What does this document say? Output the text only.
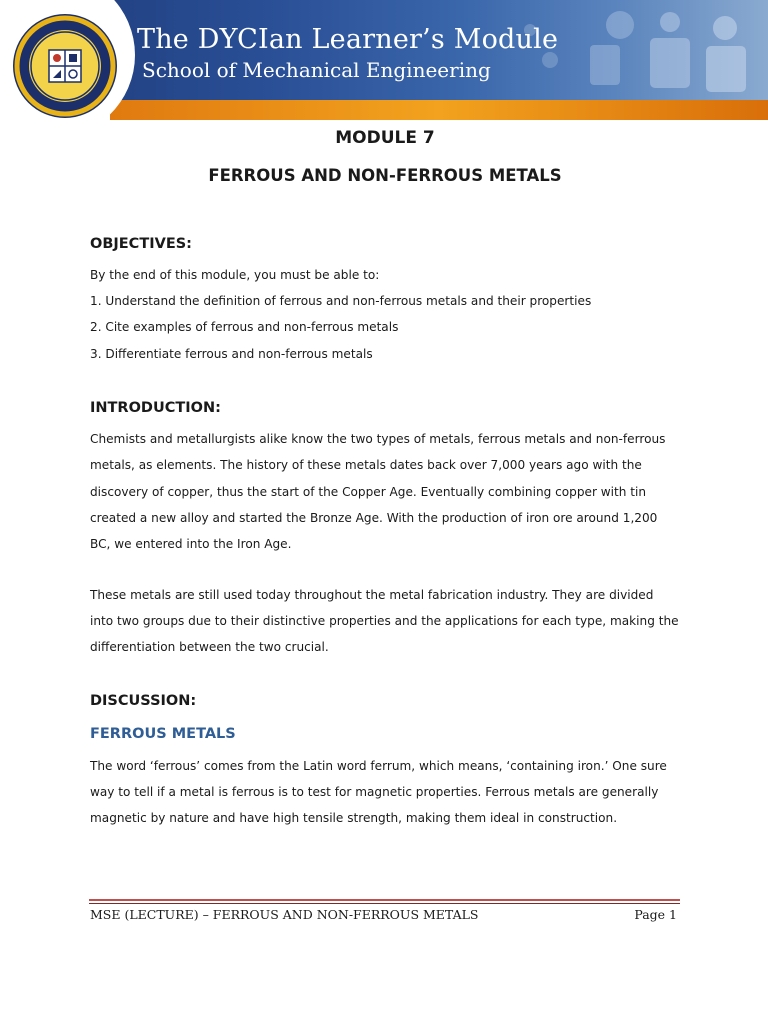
The DYCIan Learner’s Module
School of Mechanical Engineering
MODULE 7
FERROUS AND NON-FERROUS METALS
OBJECTIVES:
By the end of this module, you must be able to:
1. Understand the definition of ferrous and non-ferrous metals and their properties
2. Cite examples of ferrous and non-ferrous metals
3. Differentiate ferrous and non-ferrous metals
INTRODUCTION:
Chemists and metallurgists alike know the two types of metals, ferrous metals and non-ferrous
metals, as elements. The history of these metals dates back over 7,000 years ago with the
discovery of copper, thus the start of the Copper Age. Eventually combining copper with tin
created a new alloy and started the Bronze Age. With the production of iron ore around 1,200
BC, we entered into the Iron Age.
These metals are still used today throughout the metal fabrication industry. They are divided
into two groups due to their distinctive properties and the applications for each type, making the
differentiation between the two crucial.
DISCUSSION:
FERROUS METALS
The word ‘ferrous’ comes from the Latin word ferrum, which means, ‘containing iron.’ One sure
way to tell if a metal is ferrous is to test for magnetic properties. Ferrous metals are generally
magnetic by nature and have high tensile strength, making them ideal in construction.
MSE (LECTURE) – FERROUS AND NON-FERROUS METALS	Page 1
